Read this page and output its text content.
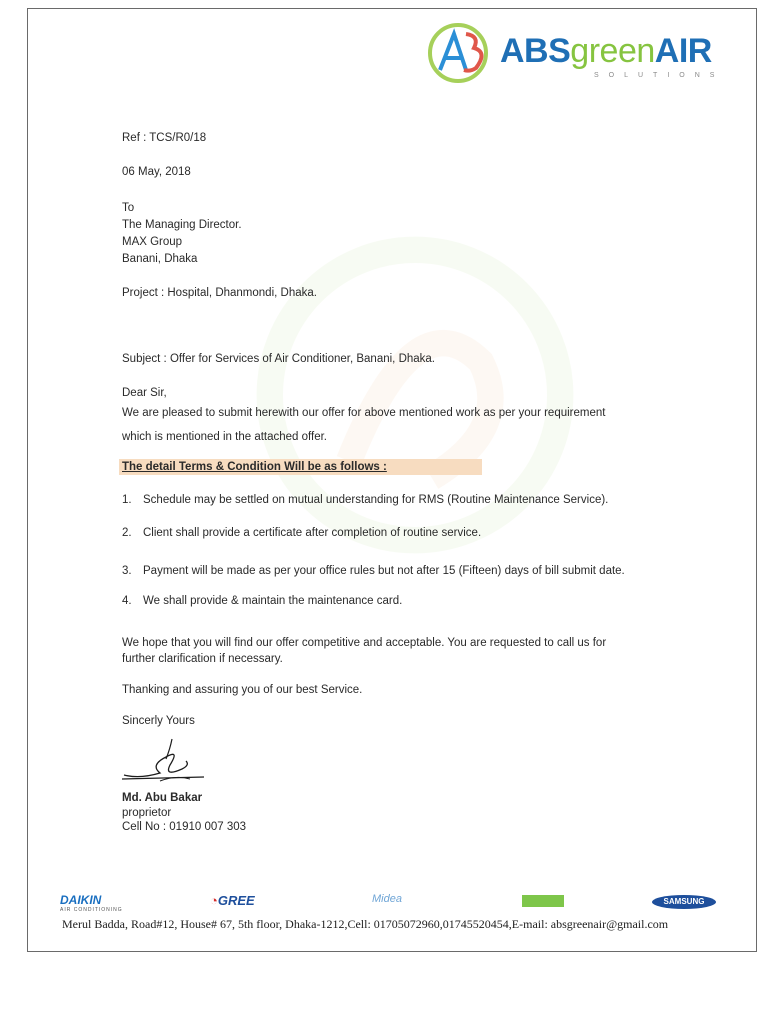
ABSgreenAIR
SOLUTIONS
Ref : TCS/R0/18
06 May, 2018
To
The Managing Director.
MAX Group
Banani, Dhaka
Project : Hospital, Dhanmondi, Dhaka.
Subject : Offer for Services of Air Conditioner, Banani, Dhaka.
Dear Sir,
We are pleased to submit herewith our offer for above mentioned work as per your requirement
which is mentioned in the attached offer.
The detail Terms & Condition Will be as follows :
1. Schedule may be settled on mutual understanding for RMS (Routine Maintenance Service).
2. Client shall provide a certificate after completion of routine service.
3. Payment will be made as per your office rules but not after 15 (Fifteen) days of bill submit date.
4. We shall provide & maintain the maintenance card.
We hope that you will find our offer competitive and acceptable. You are requested to call us for
further clarification if necessary.
Thanking and assuring you of our best Service.
Sincerly Yours
Md. Abu Bakar
proprietor
Cell No : 01910 007 303
DAIKIN
AIR CONDITIONING
◔GREE	Midea	SAMSUNG
Merul Badda, Road#12, House# 67, 5th floor, Dhaka-1212,Cell: 01705072960,01745520454,E-mail: absgreenair@gmail.com
